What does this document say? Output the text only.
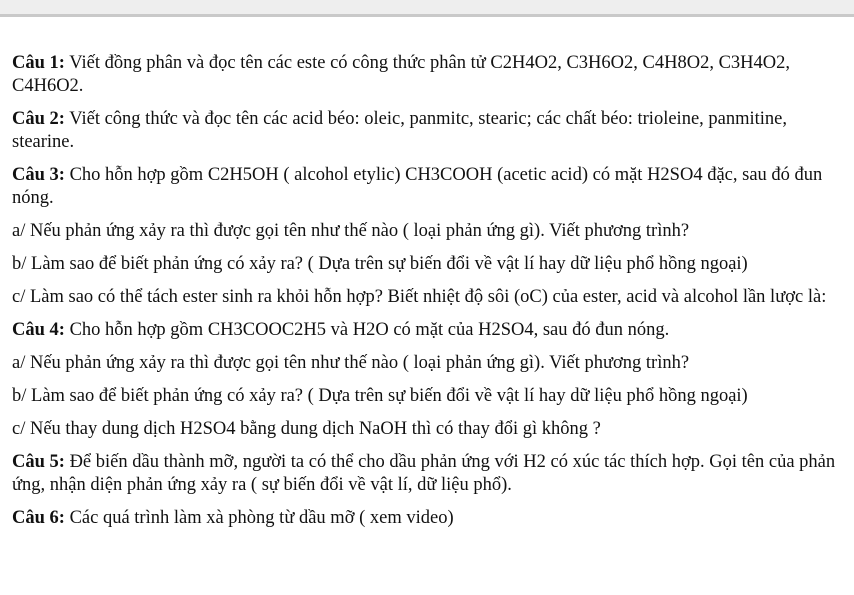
Câu 1: Viết đồng phân và đọc tên các este có công thức phân tử C2H4O2, C3H6O2, C4H8O2, C3H4O2, C4H6O2.

Câu 2: Viết công thức và đọc tên các acid béo: oleic, panmitc, stearic; các chất béo: trioleine, panmitine, stearine.

Câu 3: Cho hỗn hợp gồm C2H5OH ( alcohol etylic) CH3COOH (acetic acid) có mặt H2SO4 đặc, sau đó đun nóng.

a/ Nếu phản ứng xảy ra thì được gọi tên như thế nào ( loại phản ứng gì). Viết phương trình?

b/ Làm sao để biết phản ứng có xảy ra? ( Dựa trên sự biến đổi về vật lí hay dữ liệu phổ hồng ngoại)

c/ Làm sao có thể tách ester sinh ra khỏi hỗn hợp? Biết nhiệt độ sôi (oC) của ester, acid và alcohol lần lược là:

Câu 4: Cho hỗn hợp gồm CH3COOC2H5 và H2O có mặt của H2SO4, sau đó đun nóng.

a/ Nếu phản ứng xảy ra thì được gọi tên như thế nào ( loại phản ứng gì). Viết phương trình?

b/ Làm sao để biết phản ứng có xảy ra? ( Dựa trên sự biến đổi về vật lí hay dữ liệu phổ hồng ngoại)

c/ Nếu thay dung dịch H2SO4 bằng dung dịch NaOH thì có thay đổi gì không ?

Câu 5: Để biến dầu thành mỡ, người ta có thể cho dầu phản ứng với H2 có xúc tác thích hợp. Gọi tên của phản ứng, nhận diện phản ứng xảy ra ( sự biến đổi về vật lí, dữ liệu phổ).

Câu 6: Các quá trình làm xà phòng từ dầu mỡ ( xem video)
